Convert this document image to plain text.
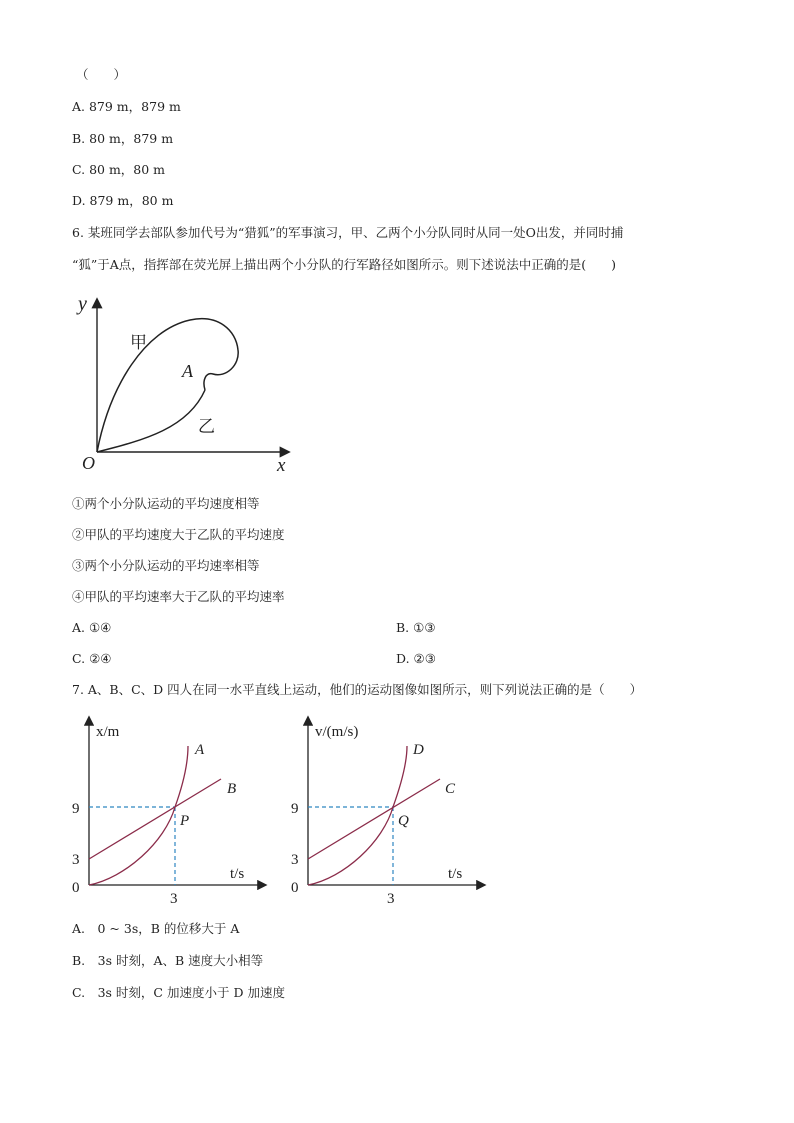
（　　）
A. 879 m，879 m
B. 80 m，879 m
C. 80 m，80 m
D. 879 m，80 m
6. 某班同学去部队参加代号为“猎狐”的军事演习，甲、乙两个小分队同时从同一处O出发，并同时捕
“狐”于A点，指挥部在荧光屏上描出两个小分队的行军路径如图所示。则下述说法中正确的是(　　)
y
x
O
A
甲
乙
①两个小分队运动的平均速度相等
②甲队的平均速度大于乙队的平均速度
③两个小分队运动的平均速率相等
④甲队的平均速率大于乙队的平均速率
A. ①④	B. ①③
C. ②④	D. ②③
7. A、B、C、D 四人在同一水平直线上运动，他们的运动图像如图所示，则下列说法正确的是（　　）
x/m
t/s
A
B
P
9
3
0
3
v/(m/s)
t/s
D
C
Q
9
3
0
3
A.　0 ~ 3s，B 的位移大于 A
B.　3s 时刻，A、B 速度大小相等
C.　3s 时刻，C 加速度小于 D 加速度
